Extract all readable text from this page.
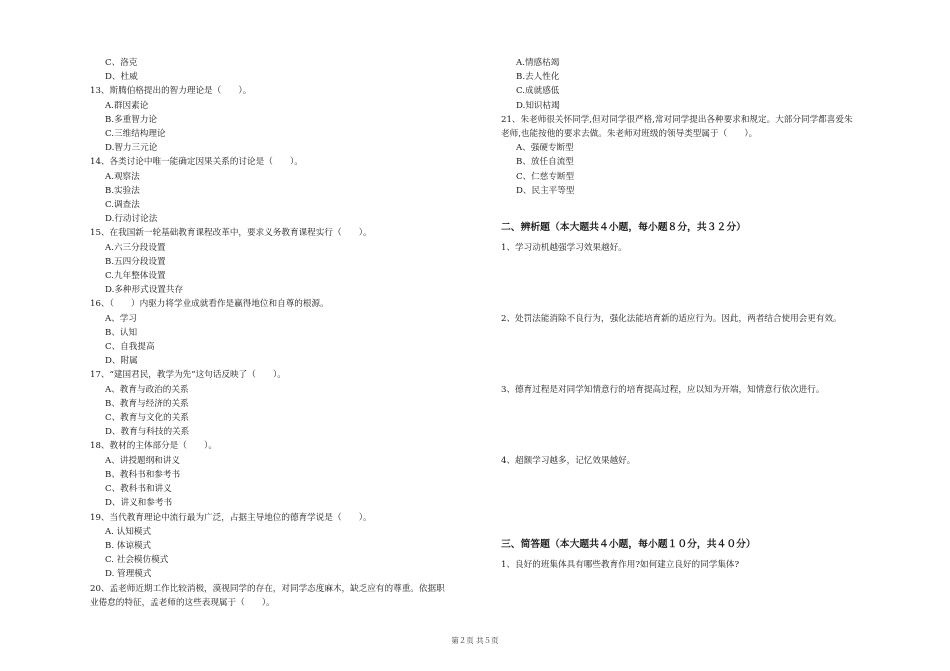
C、洛克
D、杜威
13、斯腾伯格提出的智力理论是（　　）。
A.群因素论
B.多重智力论
C.三维结构理论
D.智力三元论
14、各类讨论中唯一能确定因果关系的讨论是（　　）。
A.观察法
B.实验法
C.调查法
D.行动讨论法
15、在我国新一轮基础教育课程改革中，要求义务教育课程实行（　　）。
A.六三分段设置
B.五四分段设置
C.九年整体设置
D.多种形式设置共存
16、（　　）内驱力将学业成就看作是赢得地位和自尊的根源。
A、学习
B、认知
C、自我提高
D、附属
17、“建国君民，教学为先”这句话反映了（　　）。
A、教育与政治的关系
B、教育与经济的关系
C、教育与文化的关系
D、教育与科技的关系
18、教材的主体部分是（　　）。
A、讲授题纲和讲义
B、教科书和参考书
C、教科书和讲义
D、讲义和参考书
19、当代教育理论中流行最为广泛，占据主导地位的德育学说是（　　）。
A. 认知模式
B. 体谅模式
C. 社会模仿模式
D. 管理模式
20、孟老师近期工作比较消极，漠视同学的存在，对同学态度麻木，缺乏应有的尊重。依据职
业倦怠的特征，孟老师的这些表现属于（　　）。
A.情感枯竭
B.去人性化
C.成就感低
D.知识枯竭
21、朱老师很关怀同学,但对同学很严格,常对同学提出各种要求和规定。大部分同学都喜爱朱
老师,也能按他的要求去做。朱老师对班级的领导类型属于（　　）。
A、强硬专断型
B、放任自流型
C、仁慈专断型
D、民主平等型
二、辨析题（本大题共４小题，每小题８分，共３２分）
1、学习动机越强学习效果越好。
2、处罚法能消除不良行为，强化法能培育新的适应行为。因此，两者结合使用会更有效。
3、德育过程是对同学知情意行的培育提高过程，应以知为开端，知情意行依次进行。
4、超额学习越多，记忆效果越好。
三、简答题（本大题共４小题，每小题１０分，共４０分）
1、良好的班集体具有哪些教育作用?如何建立良好的同学集体?
第２页 共５页
